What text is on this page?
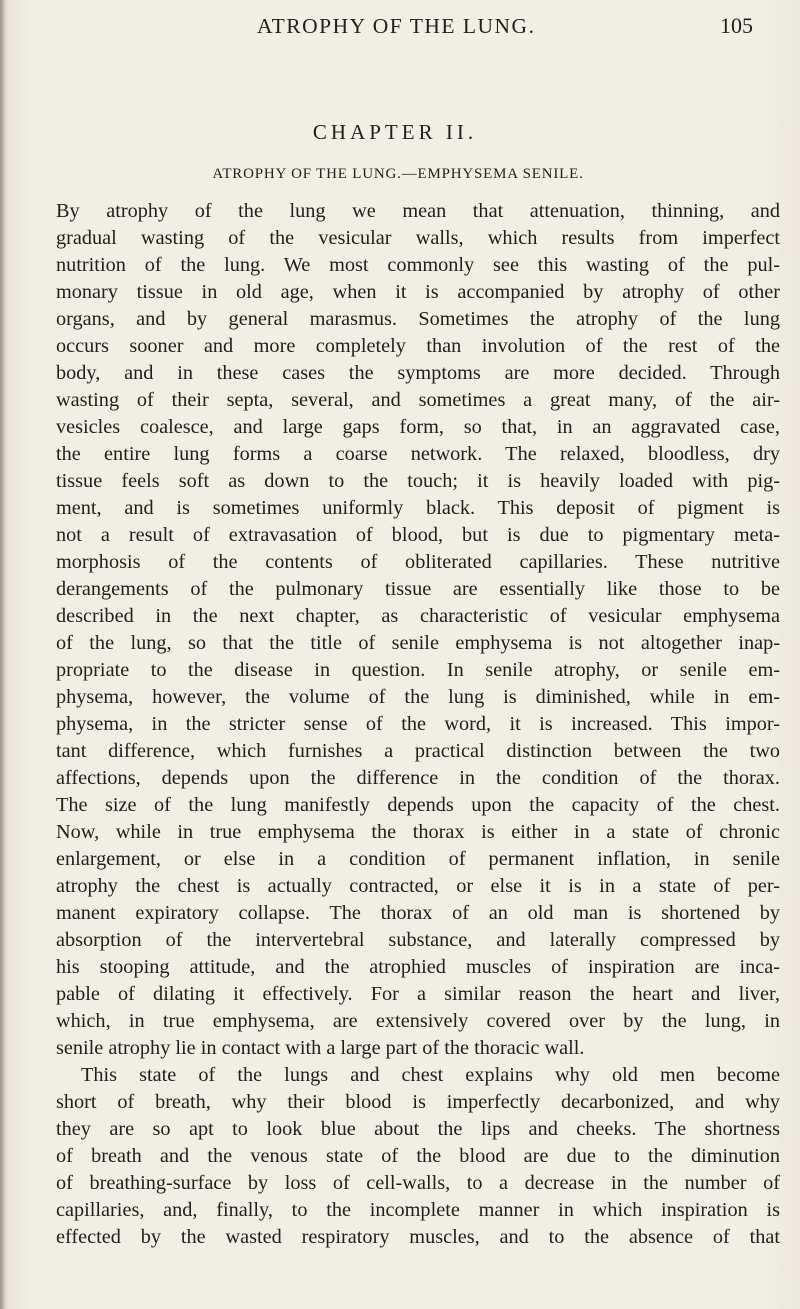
ATROPHY OF THE LUNG.	105
CHAPTER II.
ATROPHY OF THE LUNG.—EMPHYSEMA SENILE.
By atrophy of the lung we mean that attenuation, thinning, and
gradual wasting of the vesicular walls, which results from imperfect
nutrition of the lung. We most commonly see this wasting of the pul-
monary tissue in old age, when it is accompanied by atrophy of other
organs, and by general marasmus. Sometimes the atrophy of the lung
occurs sooner and more completely than involution of the rest of the
body, and in these cases the symptoms are more decided. Through
wasting of their septa, several, and sometimes a great many, of the air-
vesicles coalesce, and large gaps form, so that, in an aggravated case,
the entire lung forms a coarse network. The relaxed, bloodless, dry
tissue feels soft as down to the touch; it is heavily loaded with pig-
ment, and is sometimes uniformly black. This deposit of pigment is
not a result of extravasation of blood, but is due to pigmentary meta-
morphosis of the contents of obliterated capillaries. These nutritive
derangements of the pulmonary tissue are essentially like those to be
described in the next chapter, as characteristic of vesicular emphysema
of the lung, so that the title of senile emphysema is not altogether inap-
propriate to the disease in question. In senile atrophy, or senile em-
physema, however, the volume of the lung is diminished, while in em-
physema, in the stricter sense of the word, it is increased. This impor-
tant difference, which furnishes a practical distinction between the two
affections, depends upon the difference in the condition of the thorax.
The size of the lung manifestly depends upon the capacity of the chest.
Now, while in true emphysema the thorax is either in a state of chronic
enlargement, or else in a condition of permanent inflation, in senile
atrophy the chest is actually contracted, or else it is in a state of per-
manent expiratory collapse. The thorax of an old man is shortened by
absorption of the intervertebral substance, and laterally compressed by
his stooping attitude, and the atrophied muscles of inspiration are inca-
pable of dilating it effectively. For a similar reason the heart and liver,
which, in true emphysema, are extensively covered over by the lung, in
senile atrophy lie in contact with a large part of the thoracic wall.
This state of the lungs and chest explains why old men become
short of breath, why their blood is imperfectly decarbonized, and why
they are so apt to look blue about the lips and cheeks. The shortness
of breath and the venous state of the blood are due to the diminution
of breathing-surface by loss of cell-walls, to a decrease in the number of
capillaries, and, finally, to the incomplete manner in which inspiration is
effected by the wasted respiratory muscles, and to the absence of that
